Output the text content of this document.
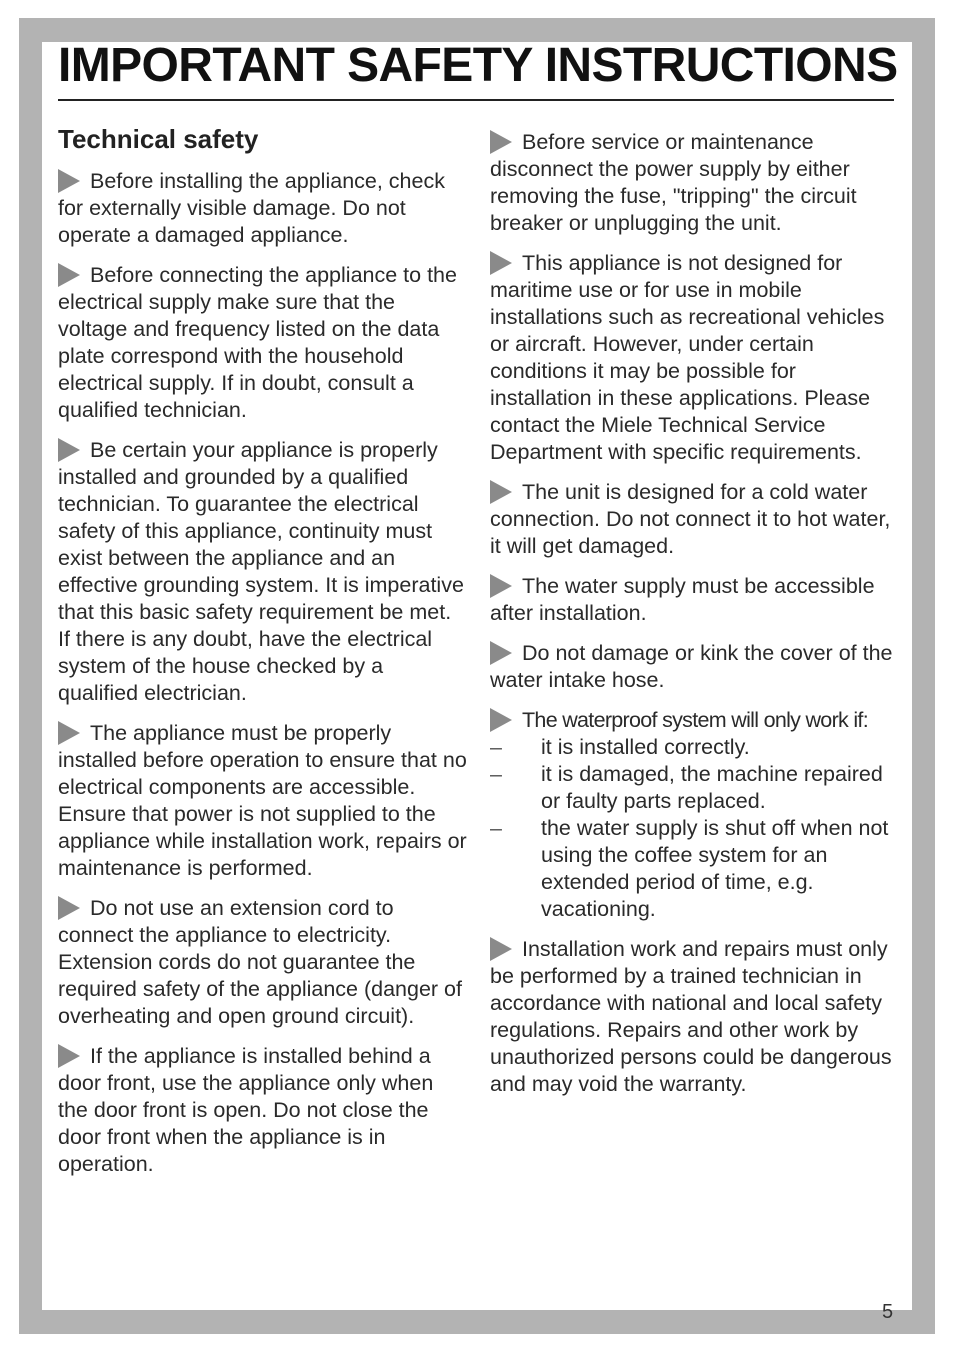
IMPORTANT SAFETY INSTRUCTIONS
Technical safety

Before installing the appliance, check for externally visible damage. Do not operate a damaged appliance.

Before connecting the appliance to the electrical supply make sure that the voltage and frequency listed on the data plate correspond with the household electrical supply. If in doubt, consult a qualified technician.

Be certain your appliance is properly installed and grounded by a qualified technician. To guarantee the electrical safety of this appliance, continuity must exist between the appliance and an effective grounding system. It is imperative that this basic safety requirement be met. If there is any doubt, have the electrical system of the house checked by a qualified electrician.

The appliance must be properly installed before operation to ensure that no electrical components are accessible. Ensure that power is not supplied to the appliance while installation work, repairs or maintenance is performed.

Do not use an extension cord to connect the appliance to electricity. Extension cords do not guarantee the required safety of the appliance (danger of overheating and open ground circuit).

If the appliance is installed behind a door front, use the appliance only when the door front is open. Do not close the door front when the appliance is in operation.

Before service or maintenance disconnect the power supply by either removing the fuse, "tripping" the circuit breaker or unplugging the unit.

This appliance is not designed for maritime use or for use in mobile installations such as recreational vehicles or aircraft. However, under certain conditions it may be possible for installation in these applications. Please contact the Miele Technical Service Department with specific requirements.

The unit is designed for a cold water connection. Do not connect it to hot water, it will get damaged.

The water supply must be accessible after installation.

Do not damage or kink the cover of the water intake hose.

The waterproof system will only work if:

– it is installed correctly.
– it is damaged, the machine repaired or faulty parts replaced.
– the water supply is shut off when not using the coffee system for an extended period of time, e.g. vacationing.

Installation work and repairs must only be performed by a trained technician in accordance with national and local safety regulations. Repairs and other work by unauthorized persons could be dangerous and may void the warranty.

5
